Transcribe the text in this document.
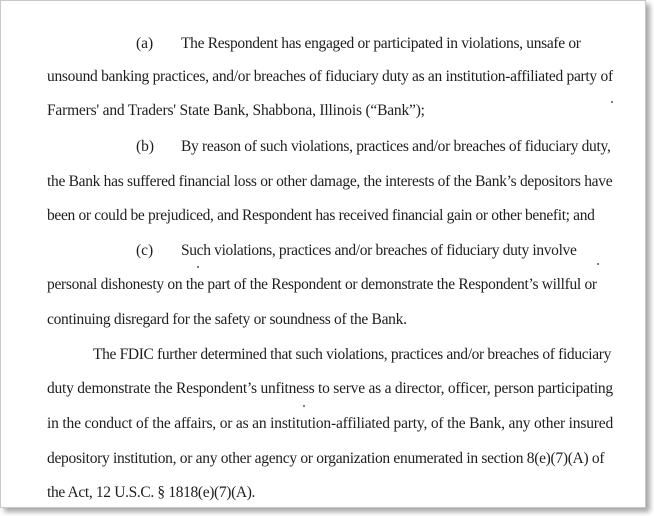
(a) The Respondent has engaged or participated in violations, unsafe or
unsound banking practices, and/or breaches of fiduciary duty as an institution-affiliated party of
Farmers' and Traders' State Bank, Shabbona, Illinois (“Bank”);
(b) By reason of such violations, practices and/or breaches of fiduciary duty,
the Bank has suffered financial loss or other damage, the interests of the Bank’s depositors have
been or could be prejudiced, and Respondent has received financial gain or other benefit; and
(c) Such violations, practices and/or breaches of fiduciary duty involve
personal dishonesty on the part of the Respondent or demonstrate the Respondent’s willful or
continuing disregard for the safety or soundness of the Bank.
The FDIC further determined that such violations, practices and/or breaches of fiduciary
duty demonstrate the Respondent’s unfitness to serve as a director, officer, person participating
in the conduct of the affairs, or as an institution-affiliated party, of the Bank, any other insured
depository institution, or any other agency or organization enumerated in section 8(e)(7)(A) of
the Act, 12 U.S.C. § 1818(e)(7)(A).
